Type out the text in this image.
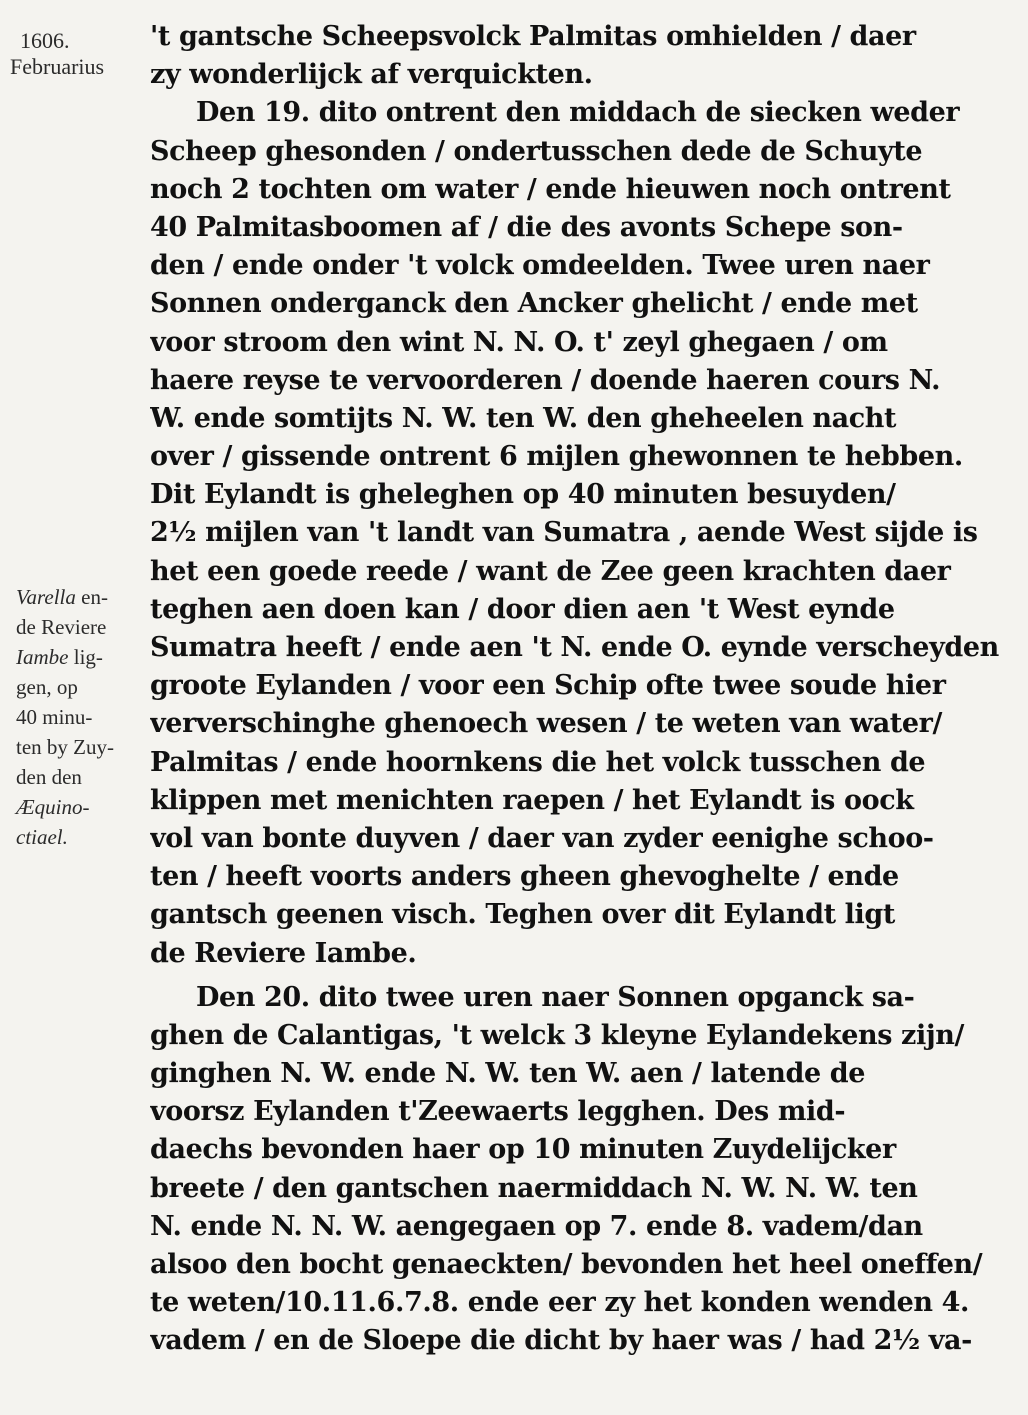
1606.
Februarius
Varella en-
de Reviere
Iambe lig-
gen, op
40 minu-
ten by Zuy-
den den
Æquino-
ctiael.
't gantsche Scheepsvolck Palmitas omhielden / daer
zy wonderlijck af verquickten.
Den 19. dito ontrent den middach de siecken weder
Scheep ghesonden / ondertusschen dede de Schuyte
noch 2 tochten om water / ende hieuwen noch ontrent
40 Palmitasboomen af / die des avonts Schepe son-
den / ende onder 't volck omdeelden. Twee uren naer
Sonnen onderganck den Ancker ghelicht / ende met
voor stroom den wint N. N. O. t' zeyl ghegaen / om
haere reyse te vervoorderen / doende haeren cours N.
W. ende somtijts N. W. ten W. den gheheelen nacht
over / gissende ontrent 6 mijlen ghewonnen te hebben.
Dit Eylandt is gheleghen op 40 minuten besuyden/
2½ mijlen van 't landt van Sumatra , aende West sijde is
het een goede reede / want de Zee geen krachten daer
teghen aen doen kan / door dien aen 't West eynde
Sumatra heeft / ende aen 't N. ende O. eynde verscheyden
groote Eylanden / voor een Schip ofte twee soude hier
ververschinghe ghenoech wesen / te weten van water/
Palmitas / ende hoornkens die het volck tusschen de
klippen met menichten raepen / het Eylandt is oock
vol van bonte duyven / daer van zyder eenighe schoo-
ten / heeft voorts anders gheen ghevoghelte / ende
gantsch geenen visch. Teghen over dit Eylandt ligt
de Reviere Iambe.
Den 20. dito twee uren naer Sonnen opganck sa-
ghen de Calantigas, 't welck 3 kleyne Eylandekens zijn/
ginghen N. W. ende N. W. ten W. aen / latende de
voorsz Eylanden t'Zeewaerts legghen. Des mid-
daechs bevonden haer op 10 minuten Zuydelijcker
breete / den gantschen naermiddach N. W. N. W. ten
N. ende N. N. W. aengegaen op 7. ende 8. vadem/dan
alsoo den bocht genaeckten/ bevonden het heel oneffen/
te weten/10.11.6.7.8. ende eer zy het konden wenden 4.
vadem / en de Sloepe die dicht by haer was / had 2½ va-
